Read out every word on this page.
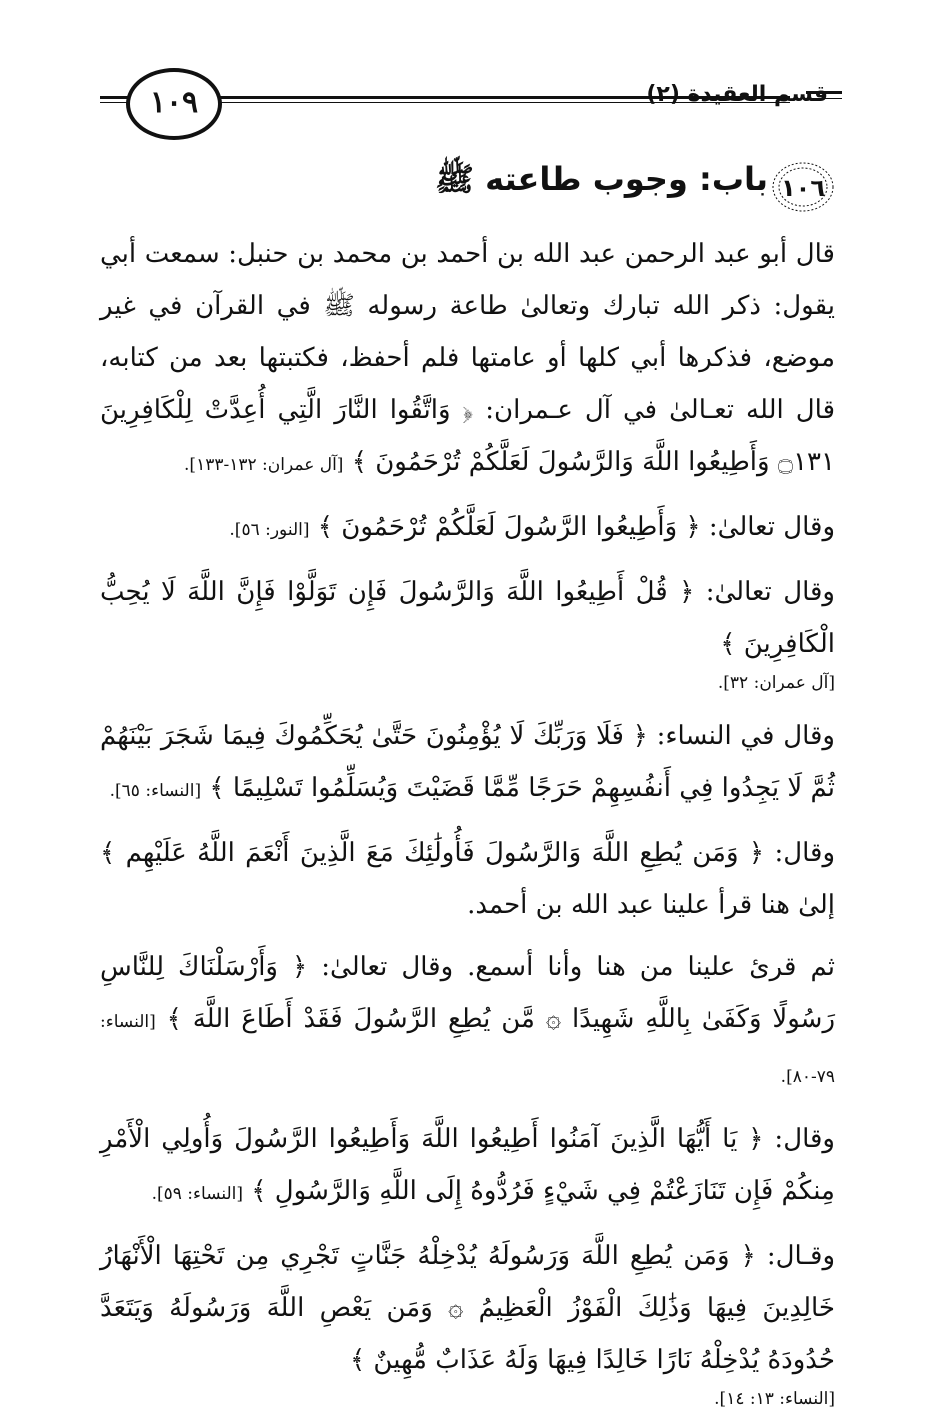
١٠٩	قسم العقيدة (٢)
١٠٦
باب: وجوب طاعته ﷺ

قال أبو عبد الرحمن عبد الله بن أحمد بن محمد بن حنبل: سمعت أبي يقول: ذكر الله تبارك وتعالىٰ طاعة رسوله ﷺ في القرآن في غير موضع، فذكرها أبي كلها أو عامتها فلم أحفظ، فكتبتها بعد من كتابه، قال الله تعـالىٰ في آل عـمران: ﴿ وَاتَّقُوا النَّارَ الَّتِي أُعِدَّتْ لِلْكَافِرِينَ ۝١٣١ وَأَطِيعُوا اللَّهَ وَالرَّسُولَ لَعَلَّكُمْ تُرْحَمُونَ ﴾ [آل عمران: ١٣٢-١٣٣].

وقال تعالىٰ: ﴿ وَأَطِيعُوا الرَّسُولَ لَعَلَّكُمْ تُرْحَمُونَ ﴾ [النور: ٥٦].

وقال تعالىٰ: ﴿ قُلْ أَطِيعُوا اللَّهَ وَالرَّسُولَ فَإِن تَوَلَّوْا فَإِنَّ اللَّهَ لَا يُحِبُّ الْكَافِرِينَ ﴾

[آل عمران: ٣٢].

وقال في النساء: ﴿ فَلَا وَرَبِّكَ لَا يُؤْمِنُونَ حَتَّىٰ يُحَكِّمُوكَ فِيمَا شَجَرَ بَيْنَهُمْ ثُمَّ لَا يَجِدُوا فِي أَنفُسِهِمْ حَرَجًا مِّمَّا قَضَيْتَ وَيُسَلِّمُوا تَسْلِيمًا ﴾ [النساء: ٦٥].

وقال: ﴿ وَمَن يُطِعِ اللَّهَ وَالرَّسُولَ فَأُولَٰئِكَ مَعَ الَّذِينَ أَنْعَمَ اللَّهُ عَلَيْهِم ﴾ إلىٰ هنا قرأ علينا عبد الله بن أحمد.

ثم قرئ علينا من هنا وأنا أسمع. وقال تعالىٰ: ﴿ وَأَرْسَلْنَاكَ لِلنَّاسِ رَسُولًا وَكَفَىٰ بِاللَّهِ شَهِيدًا ۞ مَّن يُطِعِ الرَّسُولَ فَقَدْ أَطَاعَ اللَّهَ ﴾ [النساء: ٧٩-٨٠].

وقال: ﴿ يَا أَيُّهَا الَّذِينَ آمَنُوا أَطِيعُوا اللَّهَ وَأَطِيعُوا الرَّسُولَ وَأُولِي الْأَمْرِ مِنكُمْ فَإِن تَنَازَعْتُمْ فِي شَيْءٍ فَرُدُّوهُ إِلَى اللَّهِ وَالرَّسُولِ ﴾ [النساء: ٥٩].

وقـال: ﴿ وَمَن يُطِعِ اللَّهَ وَرَسُولَهُ يُدْخِلْهُ جَنَّاتٍ تَجْرِي مِن تَحْتِهَا الْأَنْهَارُ خَالِدِينَ فِيهَا وَذَٰلِكَ الْفَوْزُ الْعَظِيمُ ۞ وَمَن يَعْصِ اللَّهَ وَرَسُولَهُ وَيَتَعَدَّ حُدُودَهُ يُدْخِلْهُ نَارًا خَالِدًا فِيهَا وَلَهُ عَذَابٌ مُّهِينٌ ﴾

[النساء: ١٣: ١٤].
